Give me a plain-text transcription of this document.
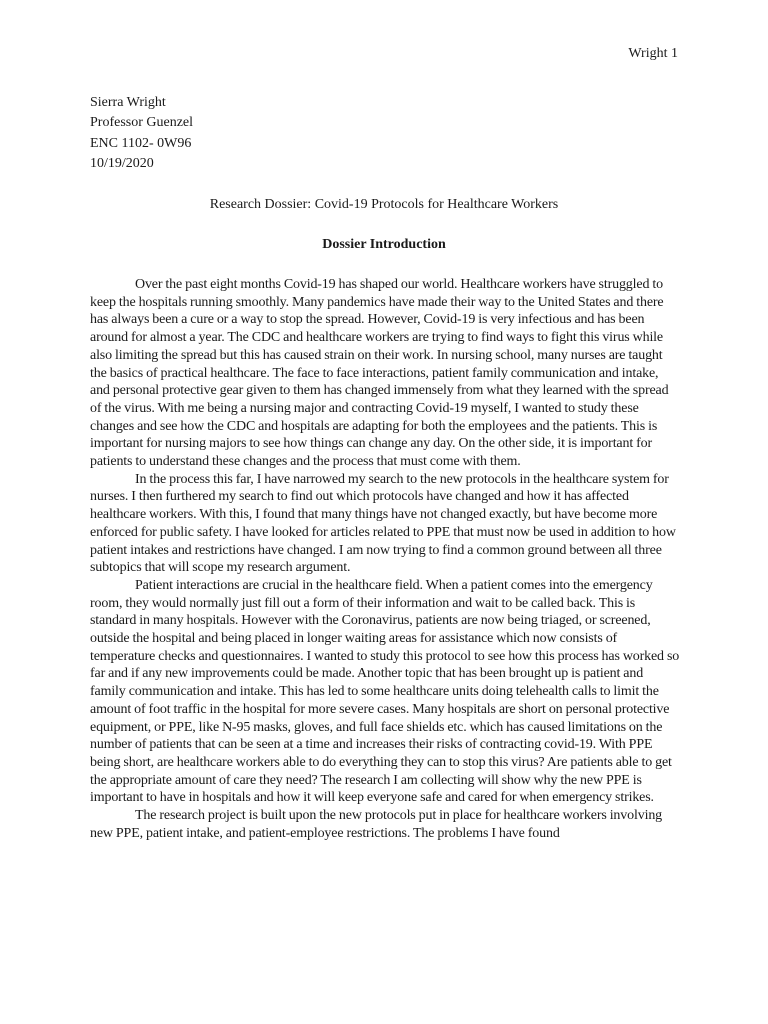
Wright 1
Sierra Wright
Professor Guenzel
ENC 1102- 0W96
10/19/2020
Research Dossier: Covid-19 Protocols for Healthcare Workers
Dossier Introduction

Over the past eight months Covid-19 has shaped our world. Healthcare workers have struggled to keep the hospitals running smoothly. Many pandemics have made their way to the United States and there has always been a cure or a way to stop the spread. However, Covid-19 is very infectious and has been around for almost a year. The CDC and healthcare workers are trying to find ways to fight this virus while also limiting the spread but this has caused strain on their work. In nursing school, many nurses are taught the basics of practical healthcare. The face to face interactions, patient family communication and intake, and personal protective gear given to them has changed immensely from what they learned with the spread of the virus. With me being a nursing major and contracting Covid-19 myself, I wanted to study these changes and see how the CDC and hospitals are adapting for both the employees and the patients. This is important for nursing majors to see how things can change any day. On the other side, it is important for patients to understand these changes and the process that must come with them.

In the process this far, I have narrowed my search to the new protocols in the healthcare system for nurses. I then furthered my search to find out which protocols have changed and how it has affected healthcare workers. With this, I found that many things have not changed exactly, but have become more enforced for public safety. I have looked for articles related to PPE that must now be used in addition to how patient intakes and restrictions have changed. I am now trying to find a common ground between all three subtopics that will scope my research argument.

Patient interactions are crucial in the healthcare field. When a patient comes into the emergency room, they would normally just fill out a form of their information and wait to be called back. This is standard in many hospitals. However with the Coronavirus, patients are now being triaged, or screened, outside the hospital and being placed in longer waiting areas for assistance which now consists of temperature checks and questionnaires. I wanted to study this protocol to see how this process has worked so far and if any new improvements could be made. Another topic that has been brought up is patient and family communication and intake. This has led to some healthcare units doing telehealth calls to limit the amount of foot traffic in the hospital for more severe cases. Many hospitals are short on personal protective equipment, or PPE, like N-95 masks, gloves, and full face shields etc. which has caused limitations on the number of patients that can be seen at a time and increases their risks of contracting covid-19. With PPE being short, are healthcare workers able to do everything they can to stop this virus? Are patients able to get the appropriate amount of care they need? The research I am collecting will show why the new PPE is important to have in hospitals and how it will keep everyone safe and cared for when emergency strikes.

The research project is built upon the new protocols put in place for healthcare workers involving new PPE, patient intake, and patient-employee restrictions. The problems I have found
